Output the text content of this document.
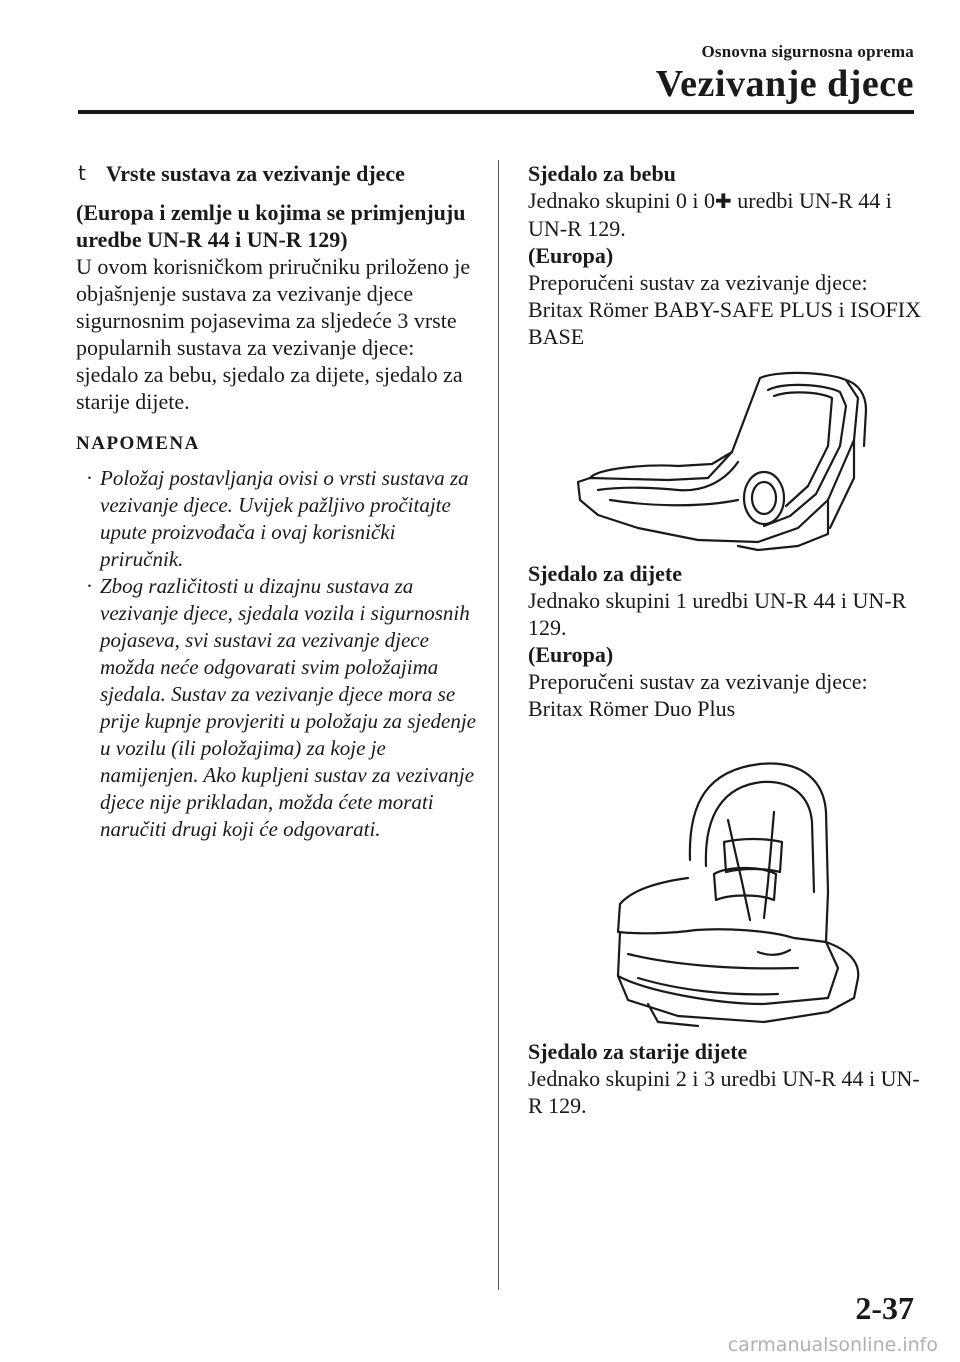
Osnovna sigurnosna oprema
Vezivanje djece
t Vrste sustava za vezivanje djece

(Europa i zemlje u kojima se primjenjuju uredbe UN-R 44 i UN-R 129)

U ovom korisničkom priručniku priloženo je objašnjenje sustava za vezivanje djece sigurnosnim pojasevima za sljedeće 3 vrste popularnih sustava za vezivanje djece: sjedalo za bebu, sjedalo za dijete, sjedalo za starije dijete.

NAPOMENA
· Položaj postavljanja ovisi o vrsti sustava za vezivanje djece. Uvijek pažljivo pročitajte upute proizvođača i ovaj korisnički priručnik.
· Zbog različitosti u dizajnu sustava za vezivanje djece, sjedala vozila i sigurnosnih pojaseva, svi sustavi za vezivanje djece možda neće odgovarati svim položajima sjedala. Sustav za vezivanje djece mora se prije kupnje provjeriti u položaju za sjedenje u vozilu (ili položajima) za koje je namijenjen. Ako kupljeni sustav za vezivanje djece nije prikladan, možda ćete morati naručiti drugi koji će odgovarati.

Sjedalo za bebu

Jednako skupini 0 i 0✚ uredbi UN-R 44 i UN-R 129.

(Europa)

Preporučeni sustav za vezivanje djece: Britax Römer BABY-SAFE PLUS i ISOFIX BASE

Sjedalo za dijete

Jednako skupini 1 uredbi UN-R 44 i UN-R 129.

(Europa)

Preporučeni sustav za vezivanje djece: Britax Römer Duo Plus

Sjedalo za starije dijete

Jednako skupini 2 i 3 uredbi UN-R 44 i UN-R 129.

2-37
carmanualsonline.info
